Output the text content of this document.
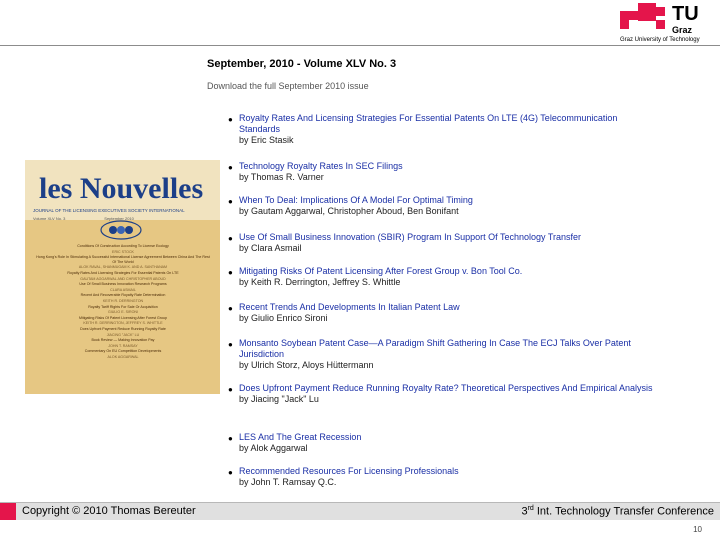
TU
Graz
Graz University of Technology
September, 2010 - Volume XLV No. 3
Download the full September 2010 issue
les Nouvelles
JOURNAL OF THE LICENSING EXECUTIVES SOCIETY INTERNATIONAL
Volume XLV No. 3                                   September 2010
Conditions Of Construction According To License Ecology
ERIC STOCK
Hong Kong's Role In Stimulating A Successful International License Agreement Between China And The Rest Of The World
ALOK RAVAL, SHANMUGAM K. AND A. SANTHANAM
Royalty Rates And Licensing Strategies For Essential Patents On LTE
GAUTAM AGGARWAL AND CHRISTOPHER ABOUD
Use Of Small Business Innovation Research Programs
CLARA ASMAIL
Recent And Recoverable Royalty Rate Determination
KEITH R. DERRINGTON
Royalty Tariff Rights For Sale Or Acquisition
GIULIO E. SIRONI
Mitigating Risks Of Patent Licensing After Forest Group
KEITH R. DERRINGTON, JEFFREY S. WHITTLE
Does Upfront Payment Reduce Running Royalty Rate
JIACING "JACK" LU
Book Review — Making Innovation Pay
JOHN T. RAMSAY
Commentary On EU Competition Developments
ALOK AGGARWAL
● Royalty Rates And Licensing Strategies For Essential Patents On LTE (4G) Telecommunication Standards
by Eric Stasik
● Technology Royalty Rates In SEC Filings
by Thomas R. Varner
● When To Deal: Implications Of A Model For Optimal Timing
by Gautam Aggarwal, Christopher Aboud, Ben Bonifant
● Use Of Small Business Innovation (SBIR) Program In Support Of Technology Transfer
by Clara Asmail
● Mitigating Risks Of Patent Licensing After Forest Group v. Bon Tool Co.
by Keith R. Derrington, Jeffrey S. Whittle
● Recent Trends And Developments In Italian Patent Law
by Giulio Enrico Sironi
● Monsanto Soybean Patent Case—A Paradigm Shift Gathering In Case The ECJ Talks Over Patent Jurisdiction
by Ulrich Storz, Aloys Hüttermann
● Does Upfront Payment Reduce Running Royalty Rate? Theoretical Perspectives And Empirical Analysis
by Jiacing "Jack" Lu
● LES And The Great Recession
by Alok Aggarwal
● Recommended Resources For Licensing Professionals
by John T. Ramsay Q.C.
Copyright © 2010 Thomas Bereuter	3rd Int. Technology Transfer Conference
10
